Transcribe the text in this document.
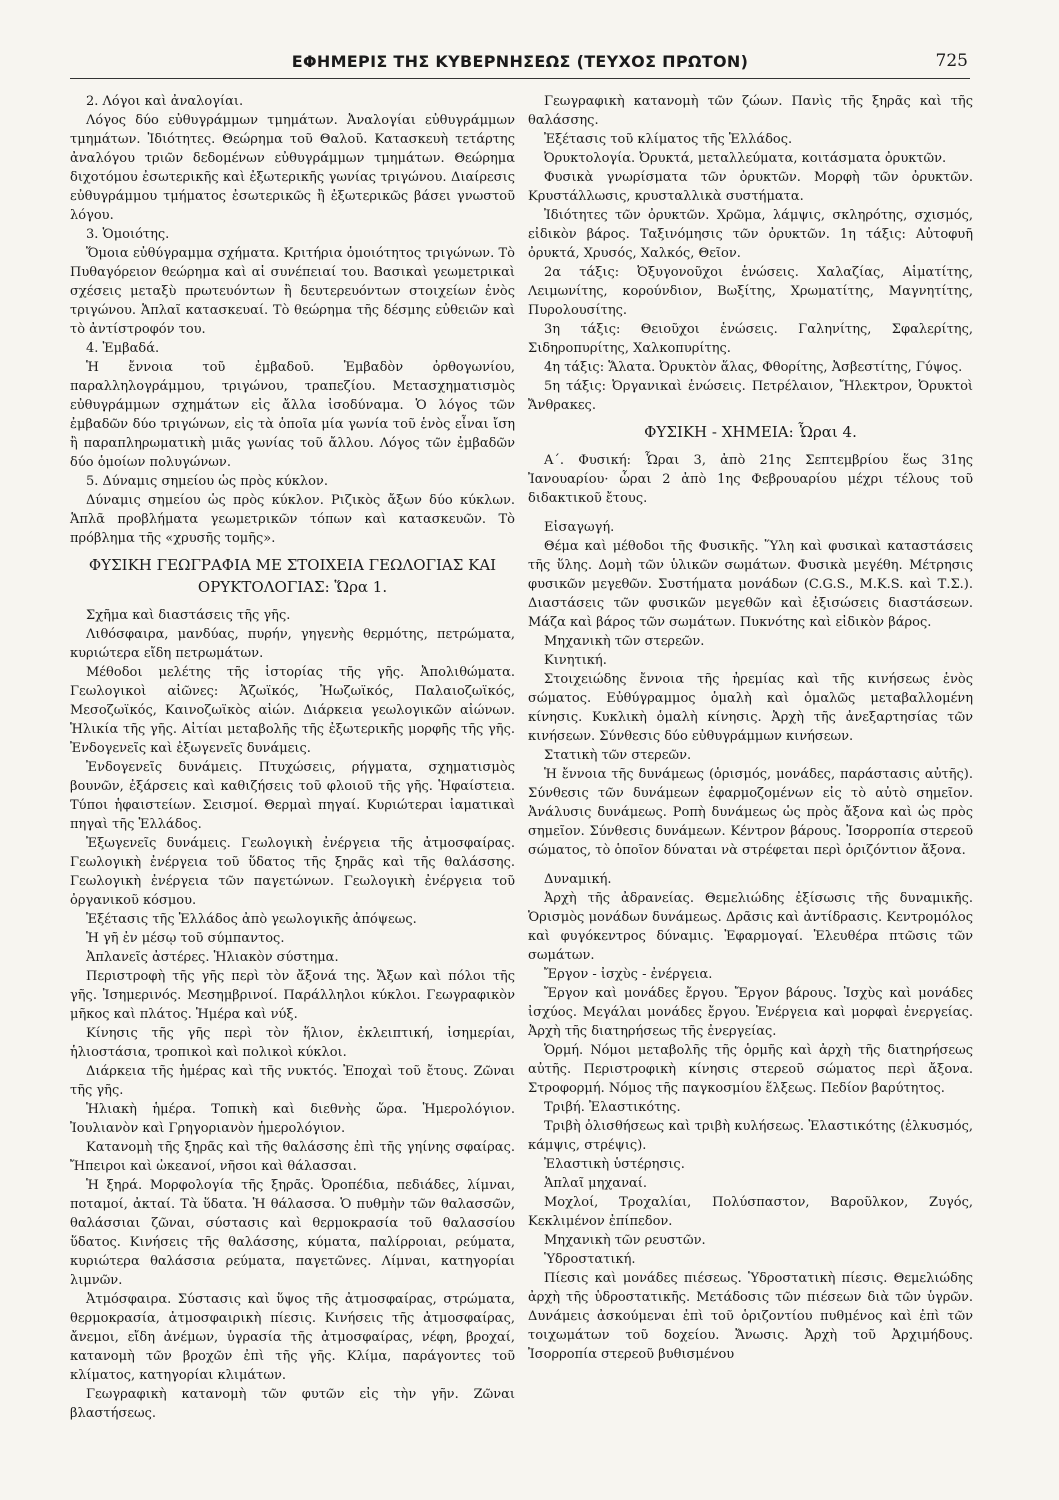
ΕΦΗΜΕΡΙΣ ΤΗΣ ΚΥΒΕΡΝΗΣΕΩΣ (ΤΕΥΧΟΣ ΠΡΩΤΟΝ)	725

2. Λόγοι καὶ ἀναλογίαι.

Λόγος δύο εὐθυγράμμων τμημάτων. Ἀναλογίαι εὐθυγράμμων τμημάτων. Ἰδιότητες. Θεώρημα τοῦ Θαλοῦ. Κατασκευὴ τετάρτης ἀναλόγου τριῶν δεδομένων εὐθυγράμμων τμημάτων. Θεώρημα διχοτόμου ἐσωτερικῆς καὶ ἐξωτερικῆς γωνίας τριγώνου. Διαίρεσις εὐθυγράμμου τμήματος ἐσωτερικῶς ἢ ἐξωτερικῶς βάσει γνωστοῦ λόγου.

3. Ὁμοιότης.

Ὅμοια εὐθύγραμμα σχήματα. Κριτήρια ὁμοιότητος τριγώνων. Τὸ Πυθαγόρειον θεώρημα καὶ αἱ συνέπειαί του. Βασικαὶ γεωμετρικαὶ σχέσεις μεταξὺ πρωτευόντων ἢ δευτερευόντων στοιχείων ἑνὸς τριγώνου. Ἁπλαῖ κατασκευαί. Τὸ θεώρημα τῆς δέσμης εὐθειῶν καὶ τὸ ἀντίστροφόν του.

4. Ἐμβαδά.

Ἡ ἔννοια τοῦ ἐμβαδοῦ. Ἐμβαδὸν ὀρθογωνίου, παραλληλογράμμου, τριγώνου, τραπεζίου. Μετασχηματισμὸς εὐθυγράμμων σχημάτων εἰς ἄλλα ἰσοδύναμα. Ὁ λόγος τῶν ἐμβαδῶν δύο τριγώνων, εἰς τὰ ὁποῖα μία γωνία τοῦ ἑνὸς εἶναι ἴση ἢ παραπληρωματικὴ μιᾶς γωνίας τοῦ ἄλλου. Λόγος τῶν ἐμβαδῶν δύο ὁμοίων πολυγώνων.

5. Δύναμις σημείου ὡς πρὸς κύκλον.

Δύναμις σημείου ὡς πρὸς κύκλον. Ριζικὸς ἄξων δύο κύκλων. Ἁπλᾶ προβλήματα γεωμετρικῶν τόπων καὶ κατασκευῶν. Τὸ πρόβλημα τῆς «χρυσῆς τομῆς».

ΦΥΣΙΚΗ ΓΕΩΓΡΑΦΙΑ ΜΕ ΣΤΟΙΧΕΙΑ ΓΕΩΛΟΓΙΑΣ ΚΑΙ ΟΡΥΚΤΟΛΟΓΙΑΣ: Ὥρα 1.

Σχῆμα καὶ διαστάσεις τῆς γῆς.

Λιθόσφαιρα, μανδύας, πυρήν, γηγενὴς θερμότης, πετρώματα, κυριώτερα εἴδη πετρωμάτων.

Μέθοδοι μελέτης τῆς ἱστορίας τῆς γῆς. Ἀπολιθώματα. Γεωλογικοὶ αἰῶνες: Ἀζωϊκός, Ἠωζωϊκός, Παλαιοζωϊκός, Μεσοζωϊκός, Καινοζωϊκὸς αἰών. Διάρκεια γεωλογικῶν αἰώνων. Ἡλικία τῆς γῆς. Αἰτίαι μεταβολῆς τῆς ἐξωτερικῆς μορφῆς τῆς γῆς. Ἐνδογενεῖς καὶ ἐξωγενεῖς δυνάμεις.

Ἐνδογενεῖς δυνάμεις. Πτυχώσεις, ρήγματα, σχηματισμὸς βουνῶν, ἐξάρσεις καὶ καθιζήσεις τοῦ φλοιοῦ τῆς γῆς. Ἡφαίστεια. Τύποι ἡφαιστείων. Σεισμοί. Θερμαὶ πηγαί. Κυριώτεραι ἰαματικαὶ πηγαὶ τῆς Ἑλλάδος.

Ἐξωγενεῖς δυνάμεις. Γεωλογικὴ ἐνέργεια τῆς ἀτμοσφαίρας. Γεωλογικὴ ἐνέργεια τοῦ ὕδατος τῆς ξηρᾶς καὶ τῆς θαλάσσης. Γεωλογικὴ ἐνέργεια τῶν παγετώνων. Γεωλογικὴ ἐνέργεια τοῦ ὀργανικοῦ κόσμου.

Ἐξέτασις τῆς Ἑλλάδος ἀπὸ γεωλογικῆς ἀπόψεως.

Ἡ γῆ ἐν μέσῳ τοῦ σύμπαντος.

Ἀπλανεῖς ἀστέρες. Ἡλιακὸν σύστημα.

Περιστροφὴ τῆς γῆς περὶ τὸν ἄξονά της. Ἄξων καὶ πόλοι τῆς γῆς. Ἰσημερινός. Μεσημβρινοί. Παράλληλοι κύκλοι. Γεωγραφικὸν μῆκος καὶ πλάτος. Ἡμέρα καὶ νύξ.

Κίνησις τῆς γῆς περὶ τὸν ἥλιον, ἐκλειπτική, ἰσημερίαι, ἡλιοστάσια, τροπικοὶ καὶ πολικοὶ κύκλοι.

Διάρκεια τῆς ἡμέρας καὶ τῆς νυκτός. Ἐποχαὶ τοῦ ἔτους. Ζῶναι τῆς γῆς.

Ἡλιακὴ ἡμέρα. Τοπικὴ καὶ διεθνὴς ὥρα. Ἡμερολόγιον. Ἰουλιανὸν καὶ Γρηγοριανὸν ἡμερολόγιον.

Κατανομὴ τῆς ξηρᾶς καὶ τῆς θαλάσσης ἐπὶ τῆς γηίνης σφαίρας. Ἤπειροι καὶ ὠκεανοί, νῆσοι καὶ θάλασσαι.

Ἡ ξηρά. Μορφολογία τῆς ξηρᾶς. Ὀροπέδια, πεδιάδες, λίμναι, ποταμοί, ἀκταί. Τὰ ὕδατα. Ἡ θάλασσα. Ὁ πυθμὴν τῶν θαλασσῶν, θαλάσσιαι ζῶναι, σύστασις καὶ θερμοκρασία τοῦ θαλασσίου ὕδατος. Κινήσεις τῆς θαλάσσης, κύματα, παλίρροιαι, ρεύματα, κυριώτερα θαλάσσια ρεύματα, παγετῶνες. Λίμναι, κατηγορίαι λιμνῶν.

Ἀτμόσφαιρα. Σύστασις καὶ ὕψος τῆς ἀτμοσφαίρας, στρώματα, θερμοκρασία, ἀτμοσφαιρικὴ πίεσις. Κινήσεις τῆς ἀτμοσφαίρας, ἄνεμοι, εἴδη ἀνέμων, ὑγρασία τῆς ἀτμοσφαίρας, νέφη, βροχαί, κατανομὴ τῶν βροχῶν ἐπὶ τῆς γῆς. Κλίμα, παράγοντες τοῦ κλίματος, κατηγορίαι κλιμάτων.

Γεωγραφικὴ κατανομὴ τῶν φυτῶν εἰς τὴν γῆν. Ζῶναι βλαστήσεως.

Γεωγραφικὴ κατανομὴ τῶν ζώων. Πανὶς τῆς ξηρᾶς καὶ τῆς θαλάσσης.

Ἐξέτασις τοῦ κλίματος τῆς Ἑλλάδος.

Ὀρυκτολογία. Ὀρυκτά, μεταλλεύματα, κοιτάσματα ὀρυκτῶν.

Φυσικὰ γνωρίσματα τῶν ὀρυκτῶν. Μορφὴ τῶν ὀρυκτῶν. Κρυστάλλωσις, κρυσταλλικὰ συστήματα.

Ἰδιότητες τῶν ὀρυκτῶν. Χρῶμα, λάμψις, σκληρότης, σχισμός, εἰδικὸν βάρος. Ταξινόμησις τῶν ὀρυκτῶν. 1η τάξις: Αὐτοφυῆ ὀρυκτά, Χρυσός, Χαλκός, Θεῖον.

2α τάξις: Ὀξυγονοῦχοι ἑνώσεις. Χαλαζίας, Αἱματίτης, Λειμωνίτης, κορούνδιον, Βωξίτης, Χρωματίτης, Μαγνητίτης, Πυρολουσίτης.

3η τάξις: Θειοῦχοι ἑνώσεις. Γαληνίτης, Σφαλερίτης, Σιδηροπυρίτης, Χαλκοπυρίτης.

4η τάξις: Ἅλατα. Ὀρυκτὸν ἅλας, Φθορίτης, Ἀσβεστίτης, Γύψος.

5η τάξις: Ὀργανικαὶ ἑνώσεις. Πετρέλαιον, Ἤλεκτρον, Ὀρυκτοὶ Ἄνθρακες.

ΦΥΣΙΚΗ - ΧΗΜΕΙΑ: Ὧραι 4.

Α΄. Φυσική: Ὧραι 3, ἀπὸ 21ης Σεπτεμβρίου ἕως 31ης Ἰανουαρίου· ὧραι 2 ἀπὸ 1ης Φεβρουαρίου μέχρι τέλους τοῦ διδακτικοῦ ἔτους.

Εἰσαγωγή.

Θέμα καὶ μέθοδοι τῆς Φυσικῆς. Ὕλη καὶ φυσικαὶ καταστάσεις τῆς ὕλης. Δομὴ τῶν ὑλικῶν σωμάτων. Φυσικὰ μεγέθη. Μέτρησις φυσικῶν μεγεθῶν. Συστήματα μονάδων (C.G.S., M.K.S. καὶ Τ.Σ.). Διαστάσεις τῶν φυσικῶν μεγεθῶν καὶ ἐξισώσεις διαστάσεων. Μάζα καὶ βάρος τῶν σωμάτων. Πυκνότης καὶ εἰδικὸν βάρος.

Μηχανικὴ τῶν στερεῶν.

Κινητική.

Στοιχειώδης ἔννοια τῆς ἠρεμίας καὶ τῆς κινήσεως ἑνὸς σώματος. Εὐθύγραμμος ὁμαλὴ καὶ ὁμαλῶς μεταβαλλομένη κίνησις. Κυκλικὴ ὁμαλὴ κίνησις. Ἀρχὴ τῆς ἀνεξαρτησίας τῶν κινήσεων. Σύνθεσις δύο εὐθυγράμμων κινήσεων.

Στατικὴ τῶν στερεῶν.

Ἡ ἔννοια τῆς δυνάμεως (ὁρισμός, μονάδες, παράστασις αὐτῆς). Σύνθεσις τῶν δυνάμεων ἐφαρμοζομένων εἰς τὸ αὐτὸ σημεῖον. Ἀνάλυσις δυνάμεως. Ροπὴ δυνάμεως ὡς πρὸς ἄξονα καὶ ὡς πρὸς σημεῖον. Σύνθεσις δυνάμεων. Κέντρον βάρους. Ἰσορροπία στερεοῦ σώματος, τὸ ὁποῖον δύναται νὰ στρέφεται περὶ ὁριζόντιον ἄξονα.

Δυναμική.

Ἀρχὴ τῆς ἀδρανείας. Θεμελιώδης ἐξίσωσις τῆς δυναμικῆς. Ὁρισμὸς μονάδων δυνάμεως. Δρᾶσις καὶ ἀντίδρασις. Κεντρομόλος καὶ φυγόκεντρος δύναμις. Ἐφαρμογαί. Ἐλευθέρα πτῶσις τῶν σωμάτων.

Ἔργον - ἰσχὺς - ἐνέργεια.

Ἔργον καὶ μονάδες ἔργου. Ἔργον βάρους. Ἰσχὺς καὶ μονάδες ἰσχύος. Μεγάλαι μονάδες ἔργου. Ἐνέργεια καὶ μορφαὶ ἐνεργείας. Ἀρχὴ τῆς διατηρήσεως τῆς ἐνεργείας.

Ὁρμή. Νόμοι μεταβολῆς τῆς ὁρμῆς καὶ ἀρχὴ τῆς διατηρήσεως αὐτῆς. Περιστροφικὴ κίνησις στερεοῦ σώματος περὶ ἄξονα. Στροφορμή. Νόμος τῆς παγκοσμίου ἕλξεως. Πεδίον βαρύτητος.

Τριβή. Ἐλαστικότης.

Τριβὴ ὀλισθήσεως καὶ τριβὴ κυλήσεως. Ἐλαστικότης (ἑλκυσμός, κάμψις, στρέψις).

Ἐλαστικὴ ὑστέρησις.

Ἁπλαῖ μηχαναί.

Μοχλοί, Τροχαλίαι, Πολύσπαστον, Βαροῦλκον, Ζυγός, Κεκλιμένον ἐπίπεδον.

Μηχανικὴ τῶν ρευστῶν.

Ὑδροστατική.

Πίεσις καὶ μονάδες πιέσεως. Ὑδροστατικὴ πίεσις. Θεμελιώδης ἀρχὴ τῆς ὑδροστατικῆς. Μετάδοσις τῶν πιέσεων διὰ τῶν ὑγρῶν. Δυνάμεις ἀσκούμεναι ἐπὶ τοῦ ὁριζοντίου πυθμένος καὶ ἐπὶ τῶν τοιχωμάτων τοῦ δοχείου. Ἄνωσις. Ἀρχὴ τοῦ Ἀρχιμήδους. Ἰσορροπία στερεοῦ βυθισμένου
